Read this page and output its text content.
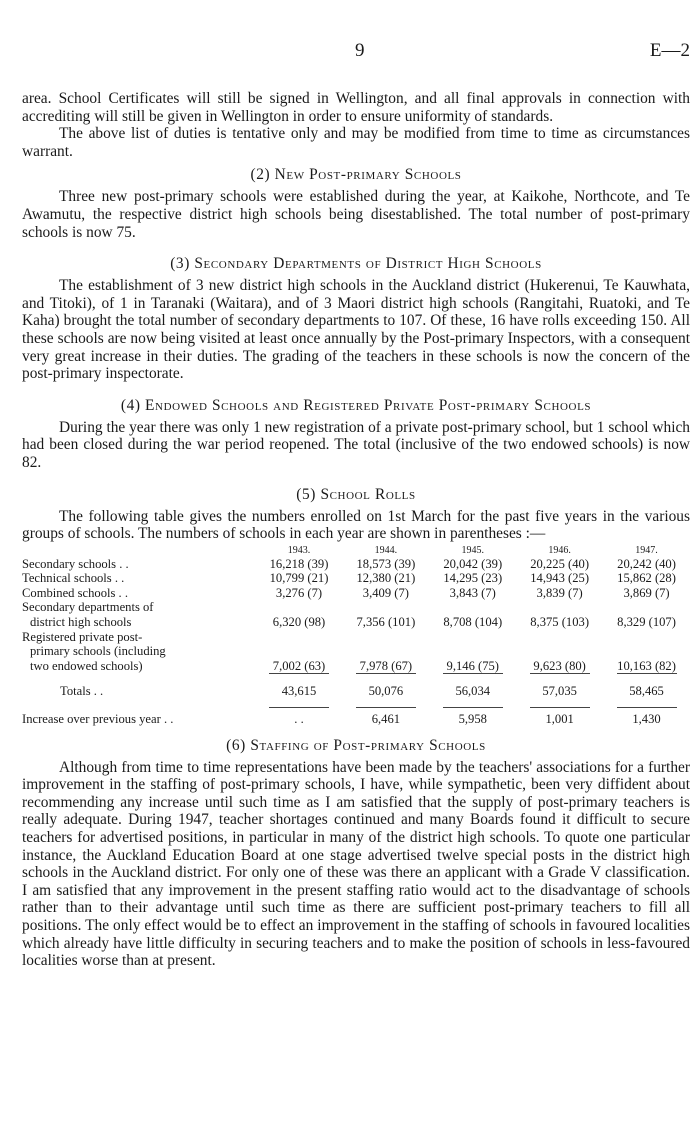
9	E—2

area. School Certificates will still be signed in Wellington, and all final approvals in connection with accrediting will still be given in Wellington in order to ensure uniformity of standards.

The above list of duties is tentative only and may be modified from time to time as circumstances warrant.

(2) New Post-primary Schools

Three new post-primary schools were established during the year, at Kaikohe, Northcote, and Te Awamutu, the respective district high schools being disestablished. The total number of post-primary schools is now 75.

(3) Secondary Departments of District High Schools

The establishment of 3 new district high schools in the Auckland district (Hukerenui, Te Kauwhata, and Titoki), of 1 in Taranaki (Waitara), and of 3 Maori district high schools (Rangitahi, Ruatoki, and Te Kaha) brought the total number of secondary departments to 107. Of these, 16 have rolls exceeding 150. All these schools are now being visited at least once annually by the Post-primary Inspectors, with a consequent very great increase in their duties. The grading of the teachers in these schools is now the concern of the post-primary inspectorate.

(4) Endowed Schools and Registered Private Post-primary Schools

During the year there was only 1 new registration of a private post-primary school, but 1 school which had been closed during the war period reopened. The total (inclusive of the two endowed schools) is now 82.

(5) School Rolls

The following table gives the numbers enrolled on 1st March for the past five years in the various groups of schools. The numbers of schools in each year are shown in parentheses :—

	1943.	1944.	1945.	1946.	1947.
Secondary schools . .	16,218 (39)	18,573 (39)	20,042 (39)	20,225 (40)	20,242 (40)
Technical schools . .	10,799 (21)	12,380 (21)	14,295 (23)	14,943 (25)	15,862 (28)
Combined schools . .	3,276 (7)	3,409 (7)	3,843 (7)	3,839 (7)	3,869 (7)

Secondary departments of
district high schools	6,320 (98)	7,356 (101)	8,708 (104)	8,375 (103)	8,329 (107)

Registered private post-
primary schools (including
two endowed schools)	7,002 (63)	7,978 (67)	9,146 (75)	9,623 (80)	10,163 (82)

Totals . .	43,615	50,076	56,034	57,035	58,465

Increase over previous year . .	. .	6,461	5,958	1,001	1,430
(6) Staffing of Post-primary Schools

Although from time to time representations have been made by the teachers' associations for a further improvement in the staffing of post-primary schools, I have, while sympathetic, been very diffident about recommending any increase until such time as I am satisfied that the supply of post-primary teachers is really adequate. During 1947, teacher shortages continued and many Boards found it difficult to secure teachers for advertised positions, in particular in many of the district high schools. To quote one particular instance, the Auckland Education Board at one stage advertised twelve special posts in the district high schools in the Auckland district. For only one of these was there an applicant with a Grade V classification. I am satisfied that any improvement in the present staffing ratio would act to the disadvantage of schools rather than to their advantage until such time as there are sufficient post-primary teachers to fill all positions. The only effect would be to effect an improvement in the staffing of schools in favoured localities which already have little difficulty in securing teachers and to make the position of schools in less-favoured localities worse than at present.
